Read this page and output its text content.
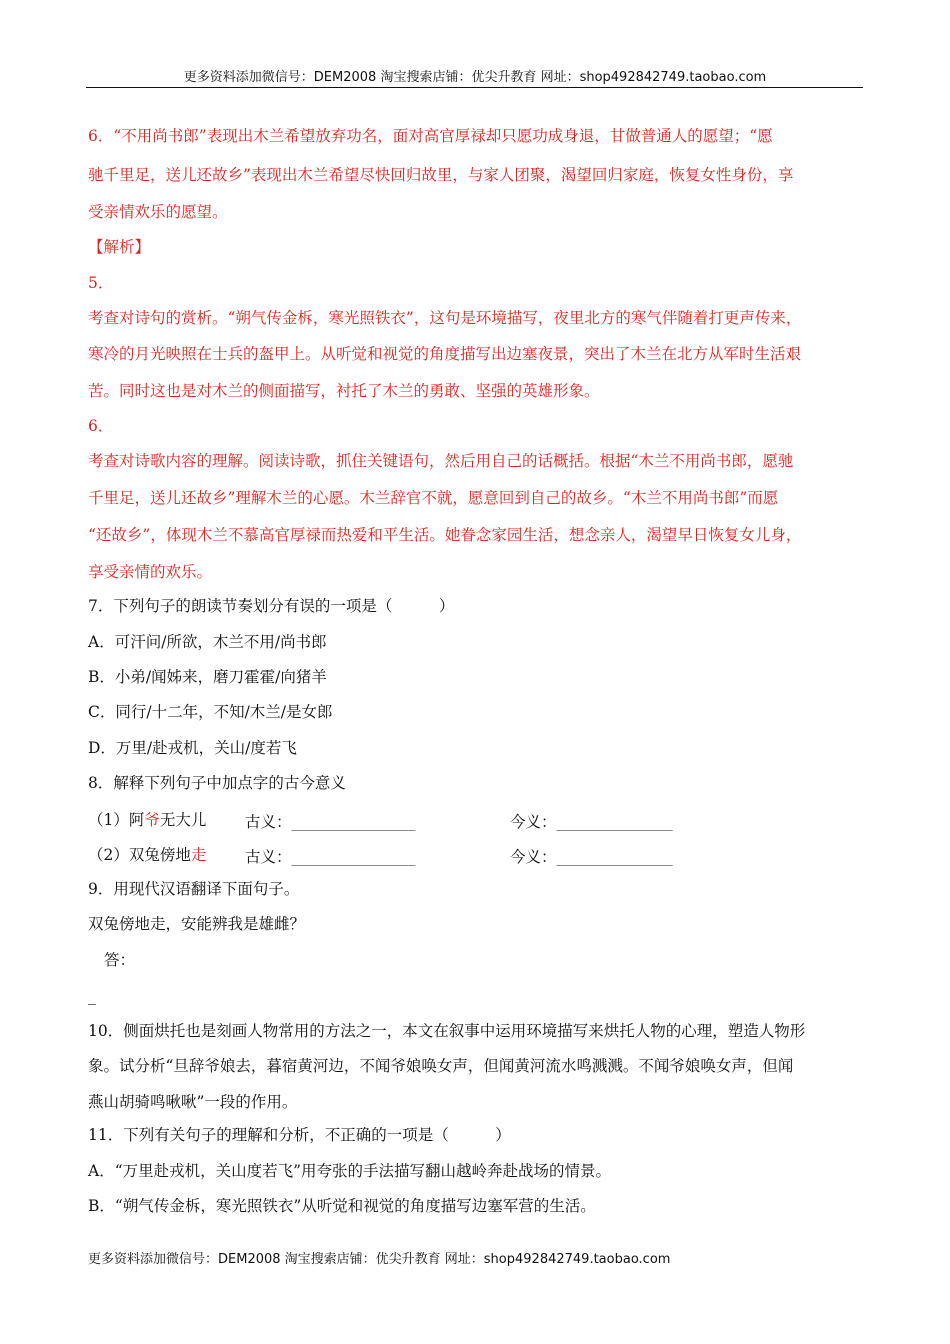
更多资料添加微信号：DEM2008 淘宝搜索店铺：优尖升教育 网址：shop492842749.taobao.com
6．“不用尚书郎”表现出木兰希望放弃功名，面对高官厚禄却只愿功成身退，甘做普通人的愿望；“愿
驰千里足，送儿还故乡”表现出木兰希望尽快回归故里，与家人团聚，渴望回归家庭，恢复女性身份，享
受亲情欢乐的愿望。
【解析】
5．
考查对诗句的赏析。“朔气传金柝，寒光照铁衣”，这句是环境描写，夜里北方的寒气伴随着打更声传来，
寒冷的月光映照在士兵的盔甲上。从听觉和视觉的角度描写出边塞夜景，突出了木兰在北方从军时生活艰
苦。同时这也是对木兰的侧面描写，衬托了木兰的勇敢、坚强的英雄形象。
6．
考查对诗歌内容的理解。阅读诗歌，抓住关键语句，然后用自己的话概括。根据“木兰不用尚书郎，愿驰
千里足，送儿还故乡”理解木兰的心愿。木兰辞官不就，愿意回到自己的故乡。“木兰不用尚书郎”而愿
“还故乡”，体现木兰不慕高官厚禄而热爱和平生活。她眷念家园生活，想念亲人，渴望早日恢复女儿身，
享受亲情的欢乐。
7．下列句子的朗读节奏划分有误的一项是（　　　）
A．可汗问/所欲，木兰不用/尚书郎
B．小弟/闻姊来，磨刀霍霍/向猪羊
C．同行/十二年，不知/木兰/是女郎
D．万里/赴戎机，关山/度若飞
8．解释下列句子中加点字的古今意义
（1）阿爷无大儿 古义：________________	今义：_______________
（2）双兔傍地走 古义：________________	今义：_______________
9．用现代汉语翻译下面句子。
双兔傍地走，安能辨我是雄雌？
答：
_
10．侧面烘托也是刻画人物常用的方法之一，本文在叙事中运用环境描写来烘托人物的心理，塑造人物形
象。试分析“旦辞爷娘去，暮宿黄河边，不闻爷娘唤女声，但闻黄河流水鸣溅溅。不闻爷娘唤女声，但闻
燕山胡骑鸣啾啾”一段的作用。
11．下列有关句子的理解和分析，不正确的一项是（　　　）
A．“万里赴戎机，关山度若飞”用夸张的手法描写翻山越岭奔赴战场的情景。
B．“朔气传金柝，寒光照铁衣”从听觉和视觉的角度描写边塞军营的生活。
更多资料添加微信号：DEM2008 淘宝搜索店铺：优尖升教育 网址：shop492842749.taobao.com
